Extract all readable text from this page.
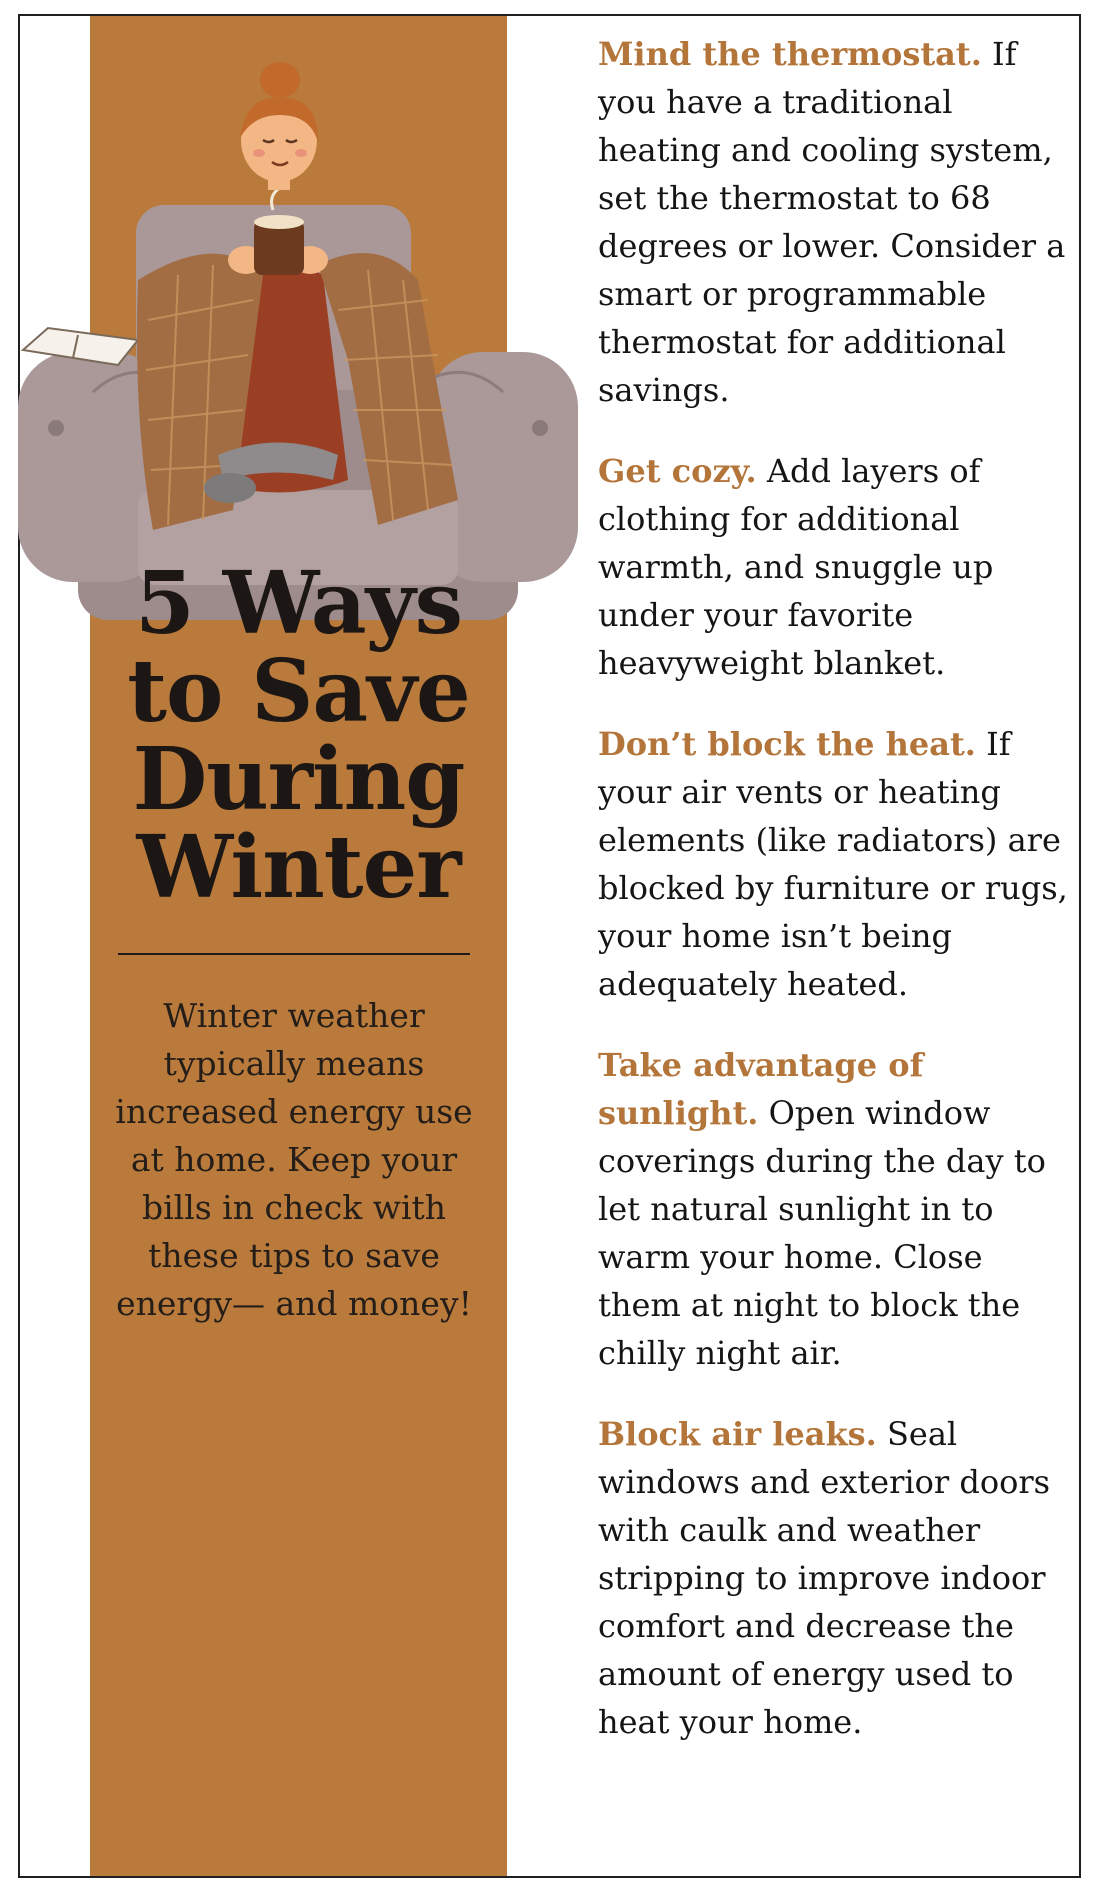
5 Ways
to Save
During
Winter

Winter weather typically means increased energy use at home. Keep your bills in check with these tips to save energy— and money!

Mind the thermostat. If you have a traditional heating and cooling system, set the thermostat to 68 degrees or lower. Consider a smart or programmable thermostat for additional savings.

Get cozy. Add layers of clothing for additional warmth, and snuggle up under your favorite heavyweight blanket.

Don’t block the heat. If your air vents or heating elements (like radiators) are blocked by furniture or rugs, your home isn’t being adequately heated.

Take advantage of sunlight. Open window coverings during the day to let natural sunlight in to warm your home. Close them at night to block the chilly night air.

Block air leaks. Seal windows and exterior doors with caulk and weather stripping to improve indoor comfort and decrease the amount of energy used to heat your home.
